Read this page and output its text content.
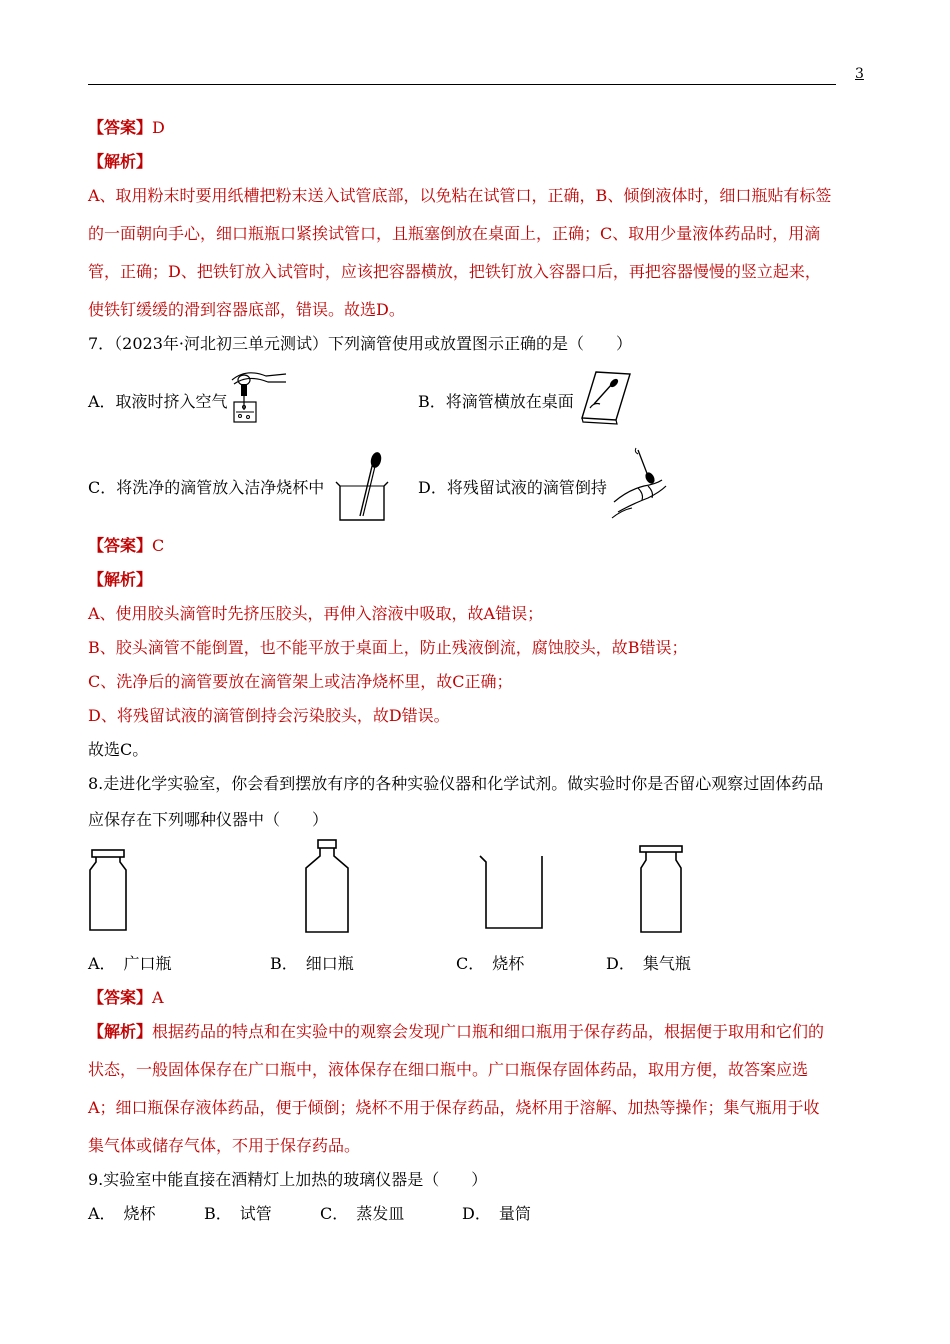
3
【答案】D
【解析】
A、取用粉末时要用纸槽把粉末送入试管底部，以免粘在试管口，正确，B、倾倒液体时，细口瓶贴有标签
的一面朝向手心，细口瓶瓶口紧挨试管口，且瓶塞倒放在桌面上，正确；C、取用少量液体药品时，用滴
管，正确；D、把铁钉放入试管时，应该把容器横放，把铁钉放入容器口后，再把容器慢慢的竖立起来，
使铁钉缓缓的滑到容器底部，错误。故选D。
7．（2023年·河北初三单元测试）下列滴管使用或放置图示正确的是（　　）
A．取液时挤入空气	B．将滴管横放在桌面
C．将洗净的滴管放入洁净烧杯中	D．将残留试液的滴管倒持
【答案】C
【解析】
A、使用胶头滴管时先挤压胶头，再伸入溶液中吸取，故A错误；
B、胶头滴管不能倒置，也不能平放于桌面上，防止残液倒流，腐蚀胶头，故B错误；
C、洗净后的滴管要放在滴管架上或洁净烧杯里，故C正确；
D、将残留试液的滴管倒持会污染胶头，故D错误。
故选C。
8.走进化学实验室，你会看到摆放有序的各种实验仪器和化学试剂。做实验时你是否留心观察过固体药品
应保存在下列哪种仪器中（　　）
A．　广口瓶	B．　细口瓶	C．　烧杯	D．　集气瓶
【答案】A
【解析】根据药品的特点和在实验中的观察会发现广口瓶和细口瓶用于保存药品，根据便于取用和它们的
状态，一般固体保存在广口瓶中，液体保存在细口瓶中。广口瓶保存固体药品，取用方便，故答案应选
A；细口瓶保存液体药品，便于倾倒；烧杯不用于保存药品，烧杯用于溶解、加热等操作；集气瓶用于收
集气体或储存气体，不用于保存药品。
9.实验室中能直接在酒精灯上加热的玻璃仪器是（　　）
A．　烧杯	B．　试管	C．　蒸发皿	D．　量筒
